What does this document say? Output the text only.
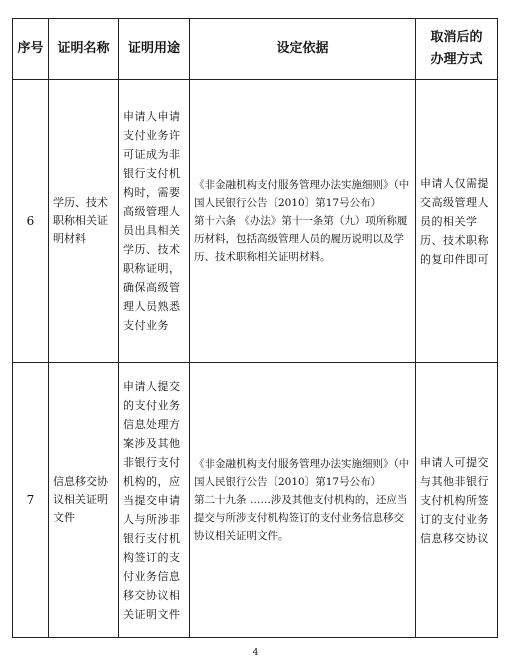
序号	证明名称	证明用途	设定依据	取消后的办理方式
6	学历、技术职称相关证明材料	申请人申请支付业务许可证成为非银行支付机构时，需要高级管理人员出具相关学历、技术职称证明，确保高级管理人员熟悉支付业务	《非金融机构支付服务管理办法实施细则》（中国人民银行公告〔2010〕第17号公布）
第十六条 《办法》第十一条第（九）项所称履历材料，包括高级管理人员的履历说明以及学历、技术职称相关证明材料。	申请人仅需提交高级管理人员的相关学历、技术职称的复印件即可
7	信息移交协议相关证明文件	申请人提交的支付业务信息处理方案涉及其他非银行支付机构的，应当提交申请人与所涉非银行支付机构签订的支付业务信息移交协议相关证明文件	《非金融机构支付服务管理办法实施细则》（中国人民银行公告〔2010〕第17号公布）
第二十九条 ……涉及其他支付机构的，还应当提交与所涉支付机构签订的支付业务信息移交协议相关证明文件。	申请人可提交与其他非银行支付机构所签订的支付业务信息移交协议
4
